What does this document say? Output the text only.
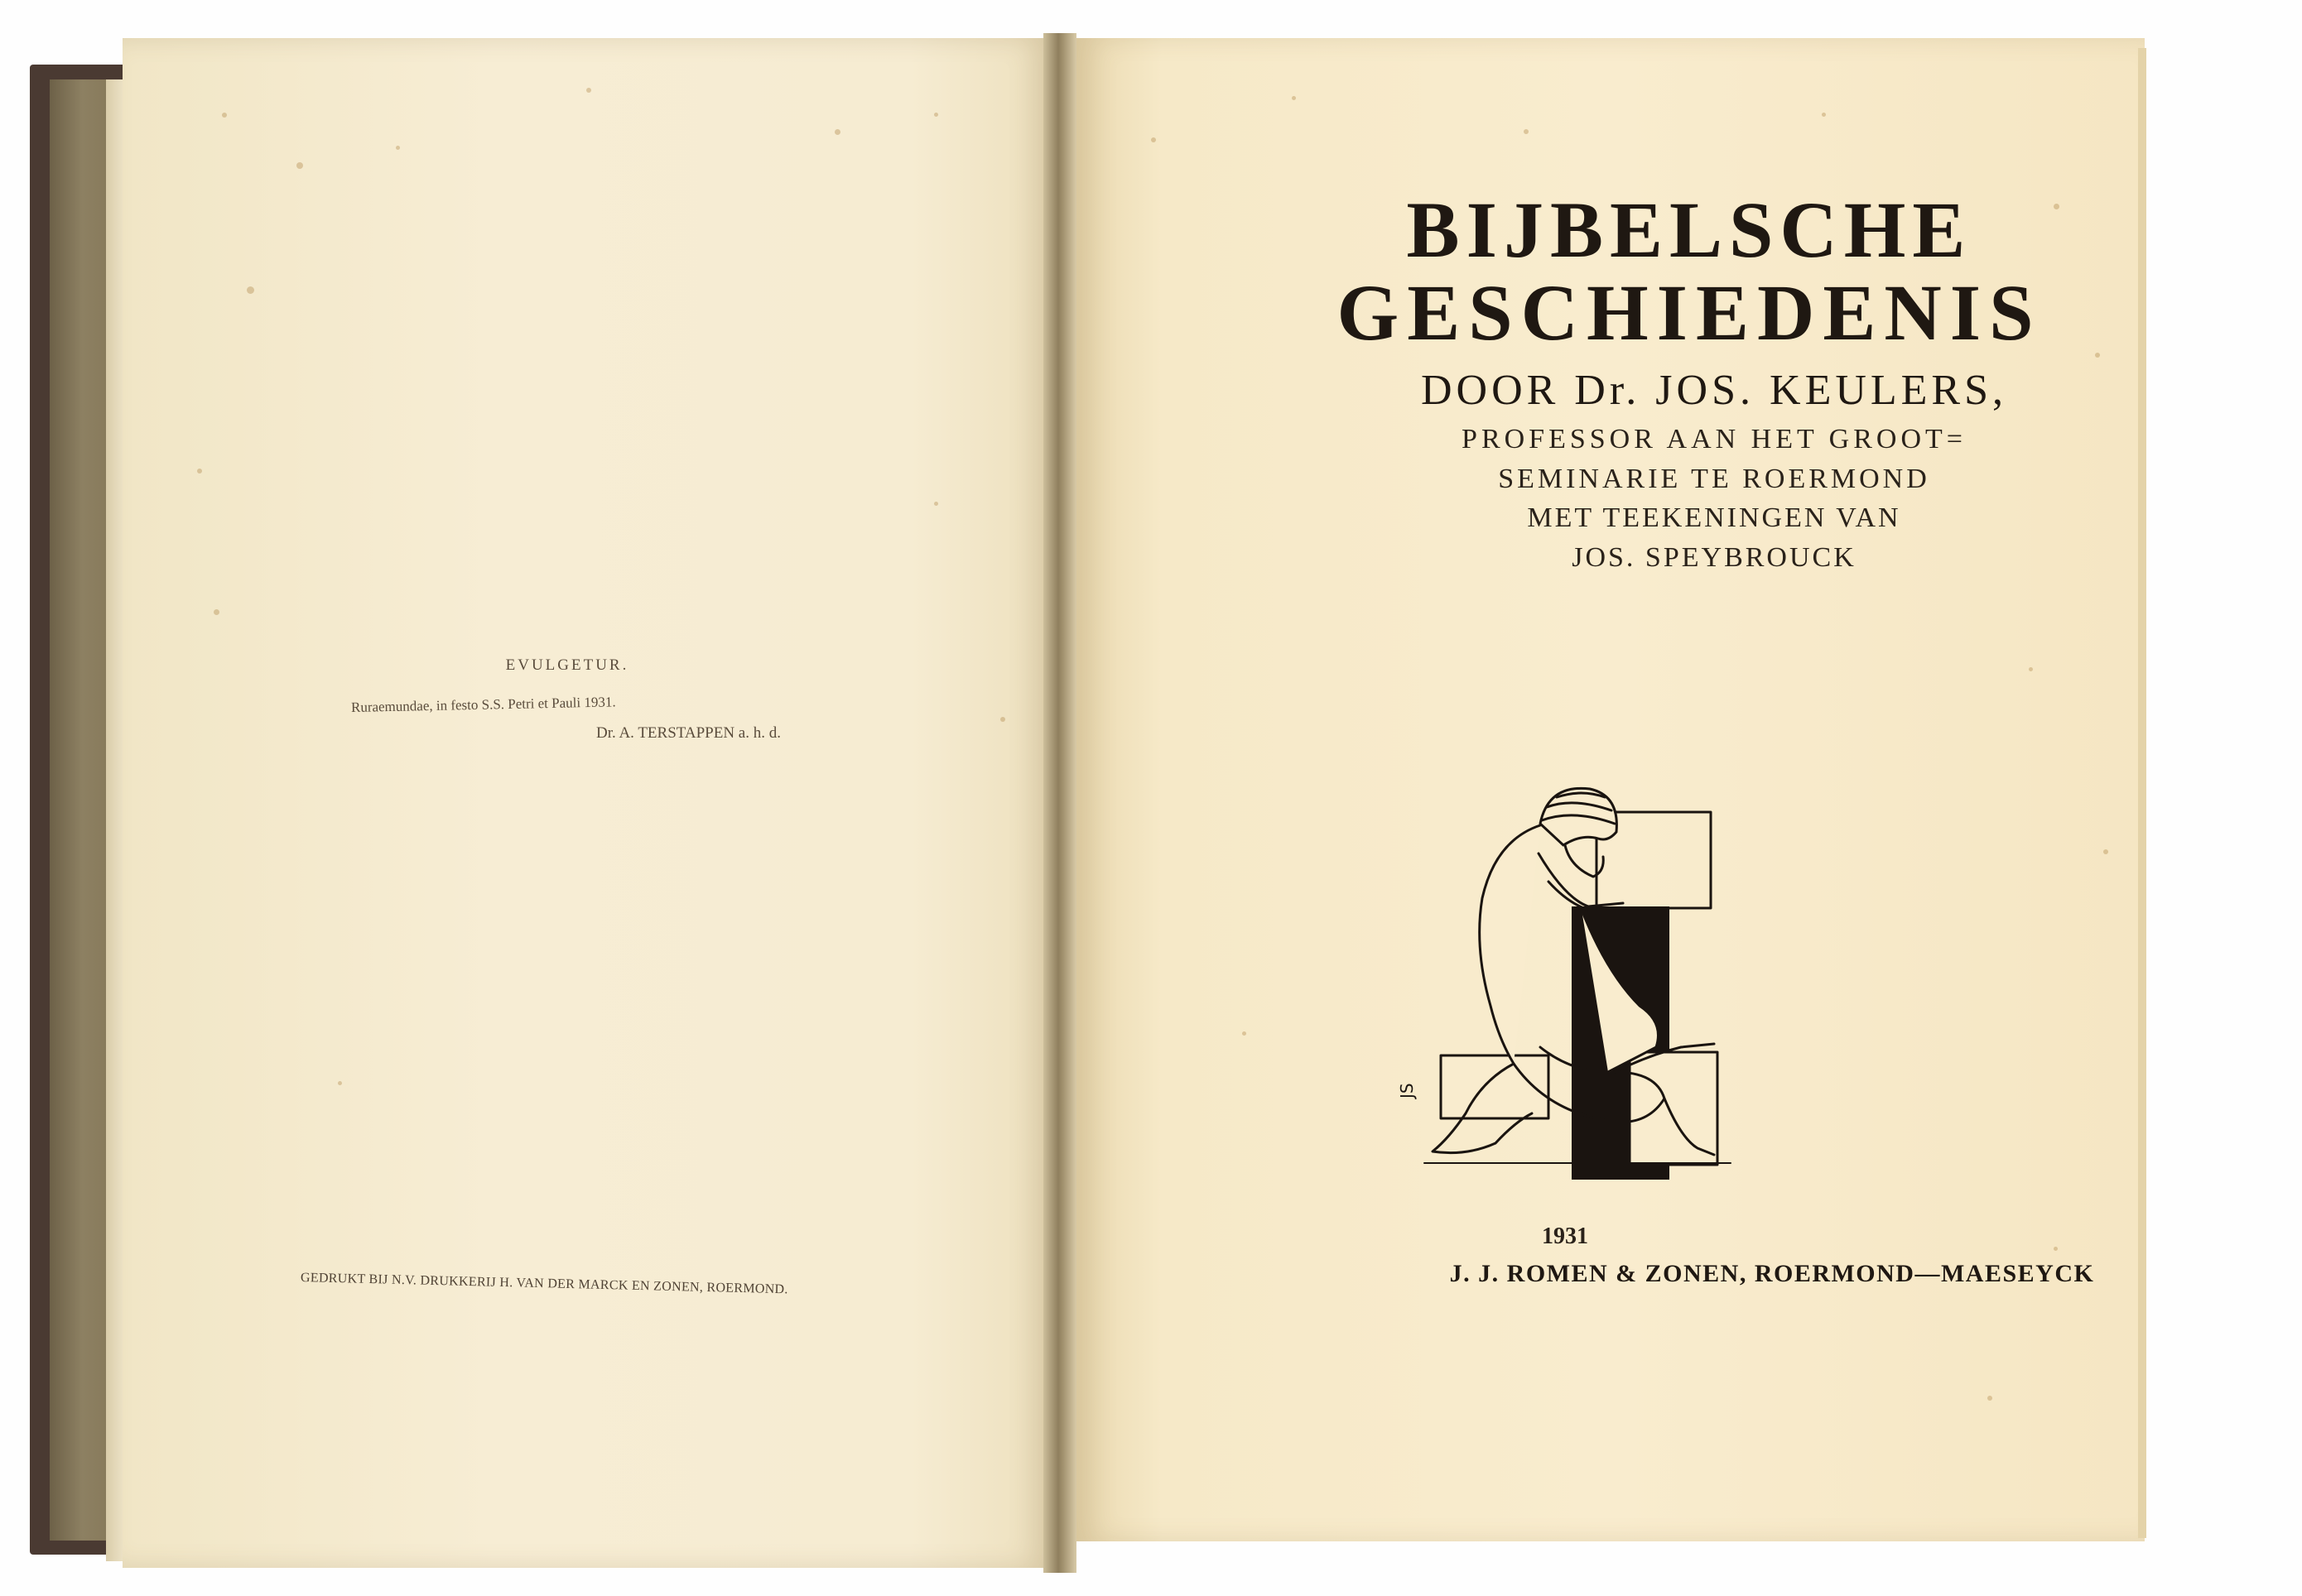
EVULGETUR.
Ruraemundae, in festo S.S. Petri et Pauli 1931.
Dr. A. TERSTAPPEN a. h. d.
GEDRUKT BIJ N.V. DRUKKERIJ H. VAN DER MARCK EN ZONEN, ROERMOND.
BIJBELSCHE
GESCHIEDENIS
DOOR Dr. JOS. KEULERS,
PROFESSOR AAN HET GROOT=
SEMINARIE TE ROERMOND
MET TEEKENINGEN VAN
JOS. SPEYBROUCK
JS
1931
J. J. ROMEN & ZONEN, ROERMOND—MAESEYCK
